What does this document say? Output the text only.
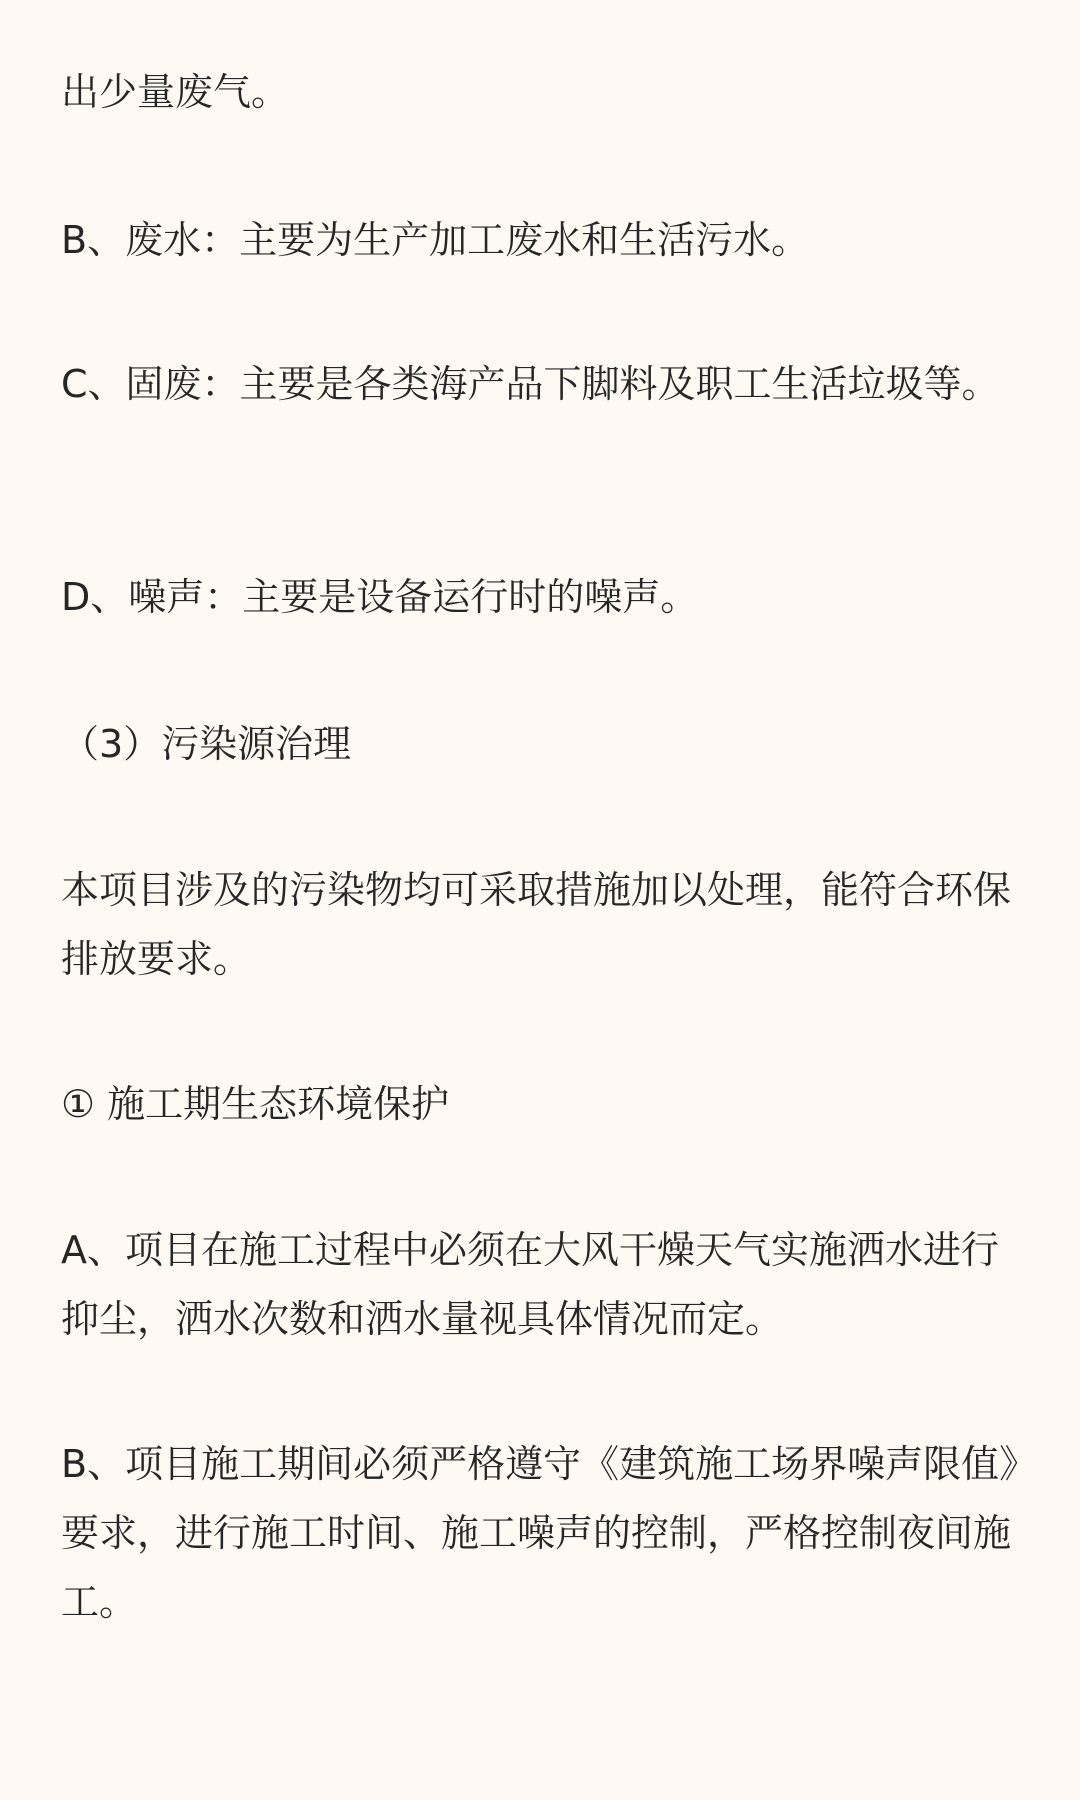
出少量废气。

B、废水：主要为生产加工废水和生活污水。

C、固废：主要是各类海产品下脚料及职工生活垃圾等。

D、噪声：主要是设备运行时的噪声。

（3）污染源治理

本项目涉及的污染物均可采取措施加以处理，能符合环保排放要求。

① 施工期生态环境保护

A、项目在施工过程中必须在大风干燥天气实施洒水进行抑尘，洒水次数和洒水量视具体情况而定。

B、项目施工期间必须严格遵守《建筑施工场界噪声限值》要求，进行施工时间、施工噪声的控制，严格控制夜间施工。
